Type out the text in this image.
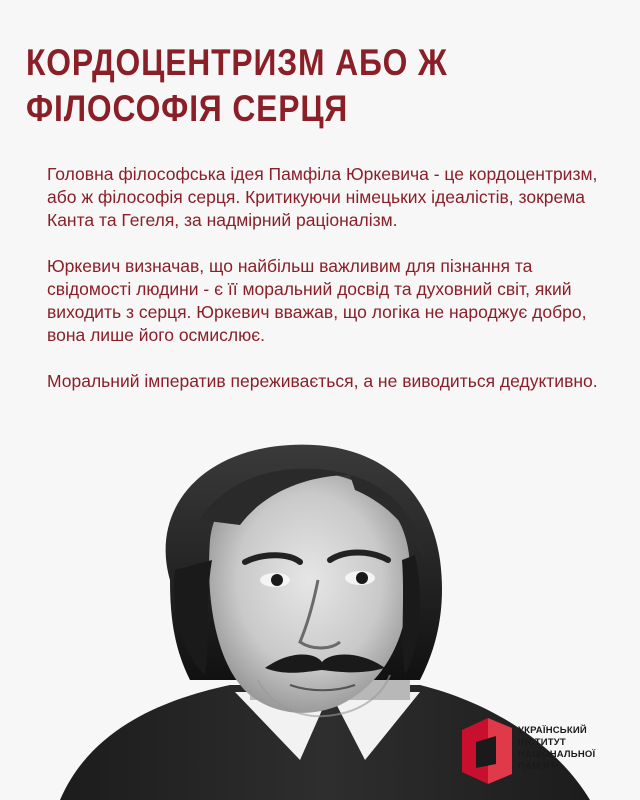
КОРДОЦЕНТРИЗМ АБО Ж
ФІЛОСОФІЯ СЕРЦЯ

Головна філософська ідея Памфіла Юркевича - це кордоцентризм, або ж філософія серця. Критикуючи німецьких ідеалістів, зокрема Канта та Гегеля, за надмірний раціоналізм.

Юркевич визначав, що найбільш важливим для пізнання та свідомості людини - є її моральний досвід та духовний світ, який виходить з серця. Юркевич вважав, що логіка не народжує добро, вона лише його осмислює.

Моральний імператив переживається, а не виводиться дедуктивно.

УКРАЇНСЬКИЙ
ІНСТИТУТ
НАЦІОНАЛЬНОЇ
ПАМ'ЯТІ
